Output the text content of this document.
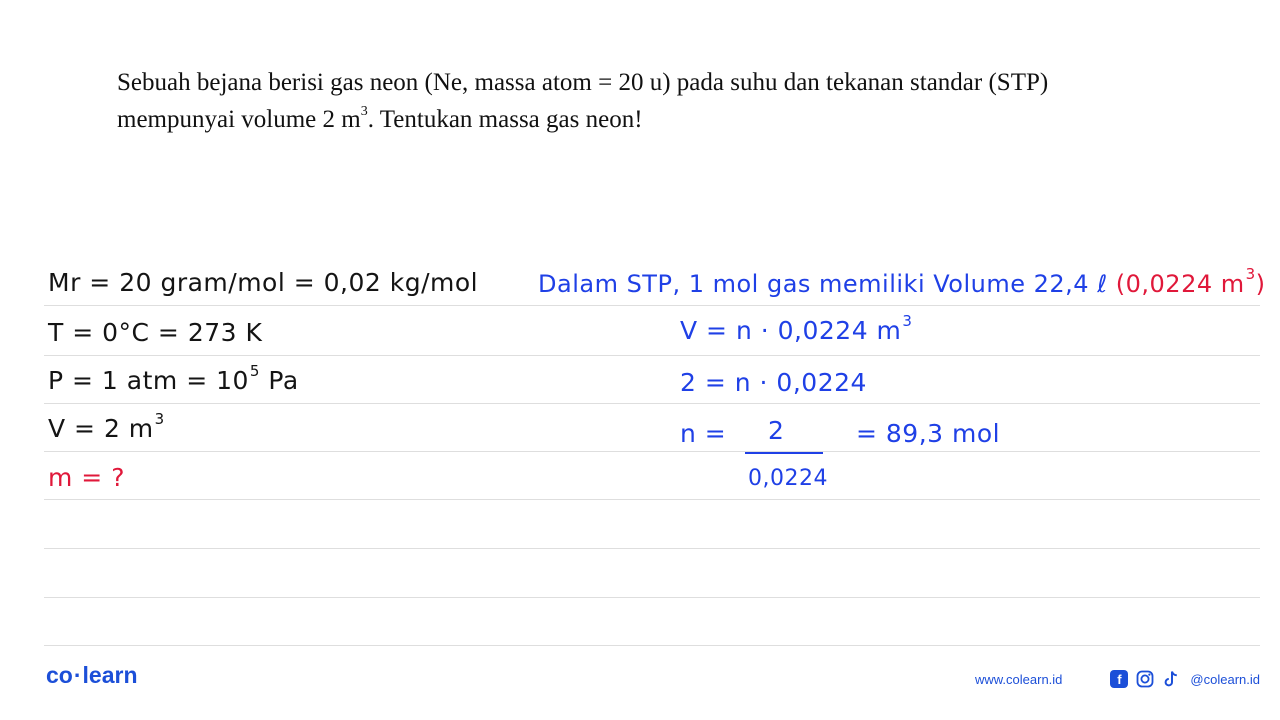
Sebuah bejana berisi gas neon (Ne, massa atom = 20 u) pada suhu dan tekanan standar (STP)
mempunyai volume 2 $m^3$. Tentukan massa gas neon!
Mr = 20 gram/mol = 0,02 kg/mol
T = 0°C = 273 K
P = 1 atm = $10^5$ Pa
V = 2 $m^3$
m = ?
Dalam STP, 1 mol gas memiliki Volume 22,4 ℓ (0,0224 $m^3$)
V = n · 0,0224 $m^3$
2 = n · 0,0224
n = 2
0,0224
= 89,3 mol
co·learn	www.colearn.id	f	@colearn.id
